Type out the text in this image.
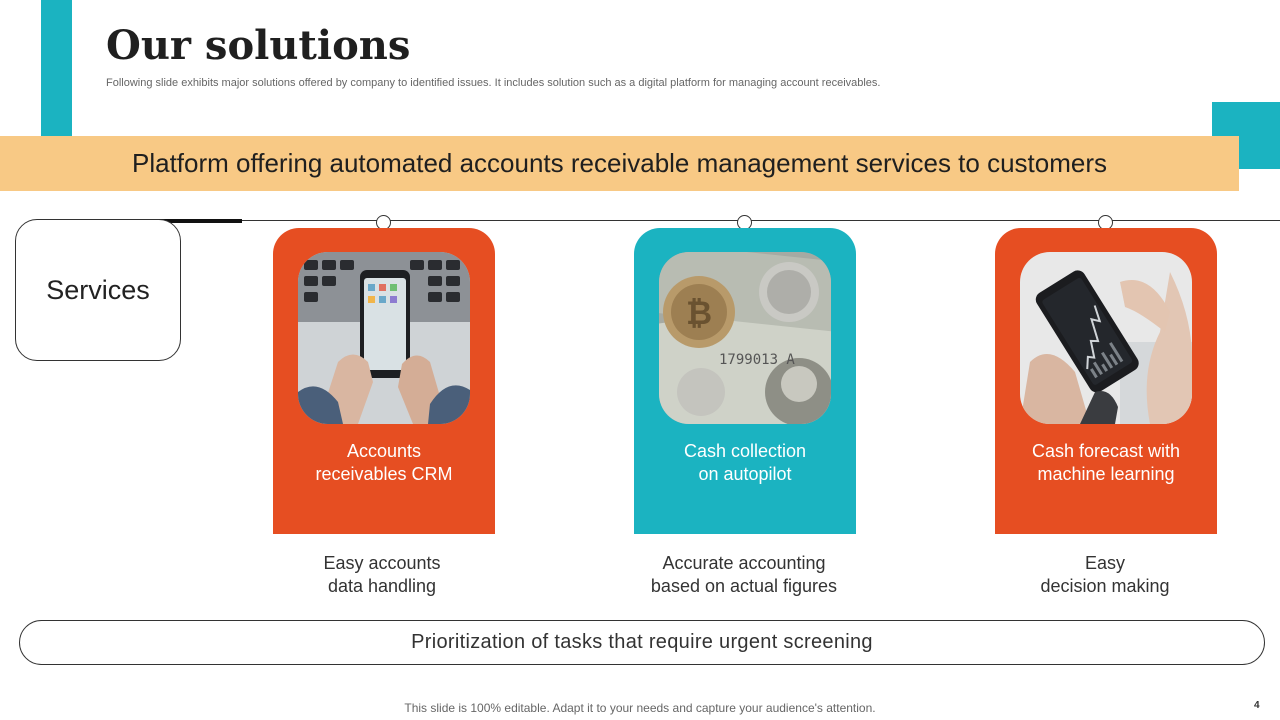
Our solutions
Following slide exhibits major solutions offered by company to identified issues. It includes solution such as a digital platform for managing account receivables.
Platform offering automated accounts receivable management services to customers
Services
Accounts
receivables CRM
₿
1799013 A
Cash collection
on autopilot
Cash forecast with
machine learning
Easy accounts
data handling
Accurate accounting
based on actual figures
Easy
decision making
Prioritization of tasks that require urgent screening
This slide is 100% editable. Adapt it to your needs and capture your audience's attention.	4
